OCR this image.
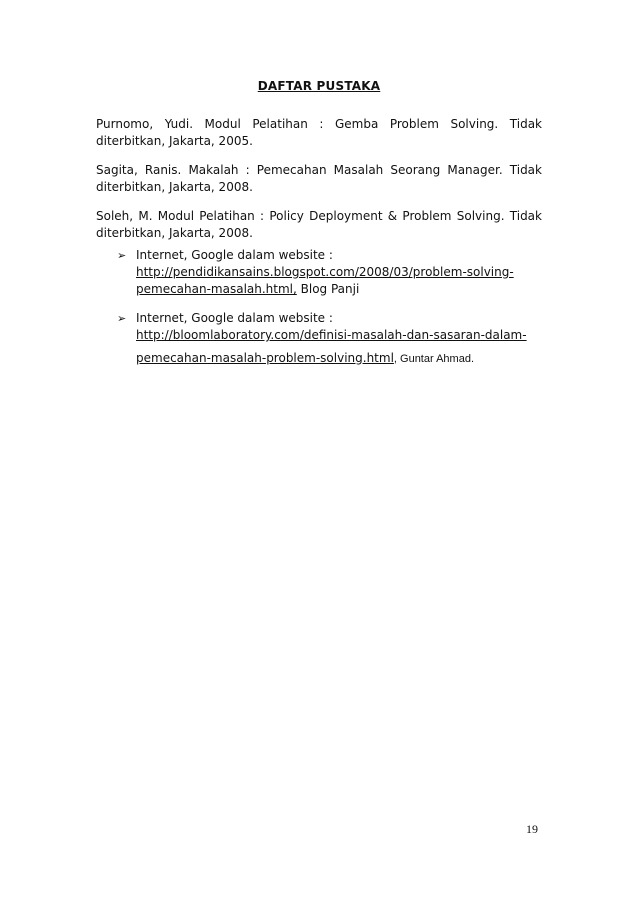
DAFTAR PUSTAKA

Purnomo, Yudi. Modul Pelatihan : Gemba Problem Solving. Tidak diterbitkan, Jakarta, 2005.

Sagita, Ranis. Makalah : Pemecahan Masalah Seorang Manager. Tidak diterbitkan, Jakarta, 2008.

Soleh, M. Modul Pelatihan : Policy Deployment & Problem Solving. Tidak diterbitkan, Jakarta, 2008.

➢ Internet, Google dalam website :
http://pendidikansains.blogspot.com/2008/03/problem-solving-
pemecahan-masalah.html, Blog Panji
➢ Internet, Google dalam website :
http://bloomlaboratory.com/definisi-masalah-dan-sasaran-dalam-
pemecahan-masalah-problem-solving.html, Guntar Ahmad.
19
